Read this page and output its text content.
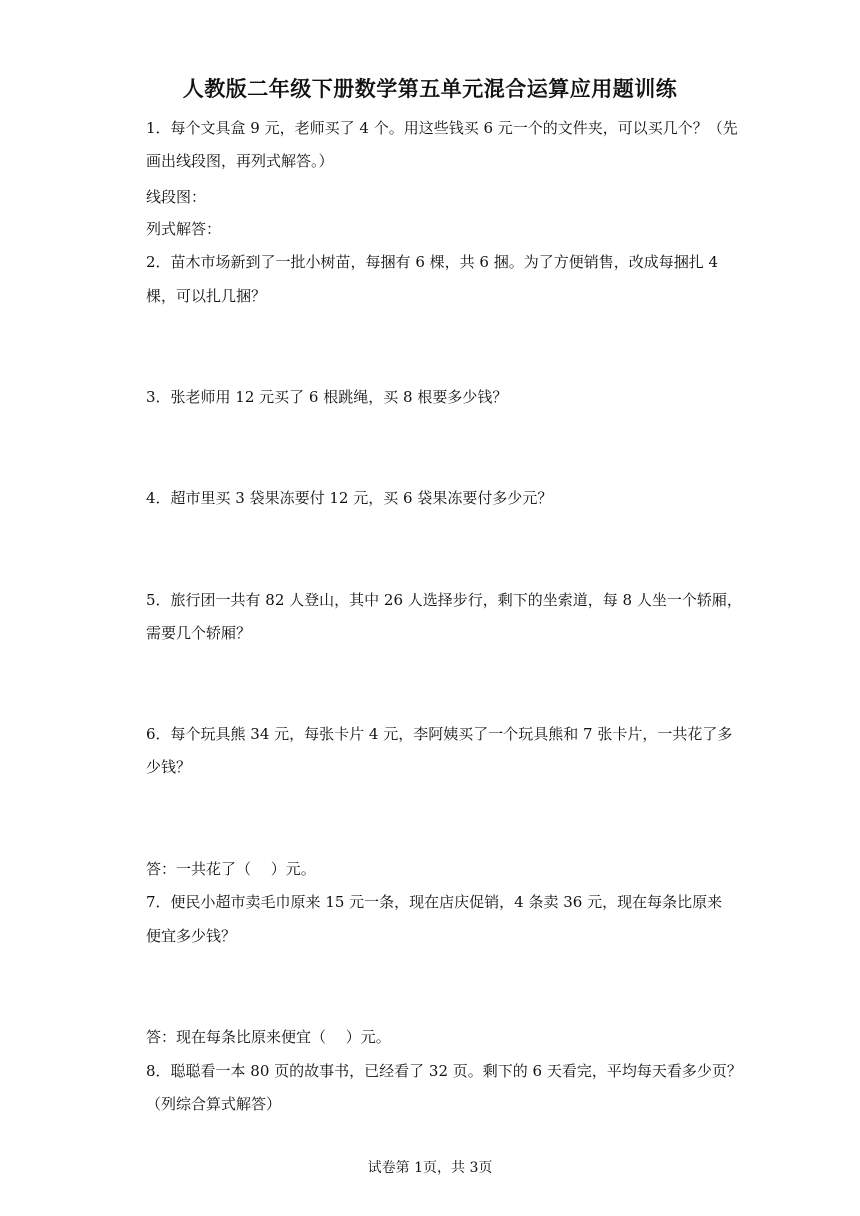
人教版二年级下册数学第五单元混合运算应用题训练
1．每个文具盒 9 元，老师买了 4 个。用这些钱买 6 元一个的文件夹，可以买几个？（先
画出线段图，再列式解答。）
线段图：
列式解答：
2．苗木市场新到了一批小树苗，每捆有 6 棵，共 6 捆。为了方便销售，改成每捆扎 4
棵，可以扎几捆？
3．张老师用 12 元买了 6 根跳绳，买 8 根要多少钱？
4．超市里买 3 袋果冻要付 12 元，买 6 袋果冻要付多少元？
5．旅行团一共有 82 人登山，其中 26 人选择步行，剩下的坐索道，每 8 人坐一个轿厢，
需要几个轿厢？
6．每个玩具熊 34 元，每张卡片 4 元，李阿姨买了一个玩具熊和 7 张卡片，一共花了多
少钱？
答：一共花了（　 ）元。
7．便民小超市卖毛巾原来 15 元一条，现在店庆促销，4 条卖 36 元，现在每条比原来
便宜多少钱？
答：现在每条比原来便宜（　 ）元。
8．聪聪看一本 80 页的故事书，已经看了 32 页。剩下的 6 天看完，平均每天看多少页？
（列综合算式解答）
试卷第 1页，共 3页
